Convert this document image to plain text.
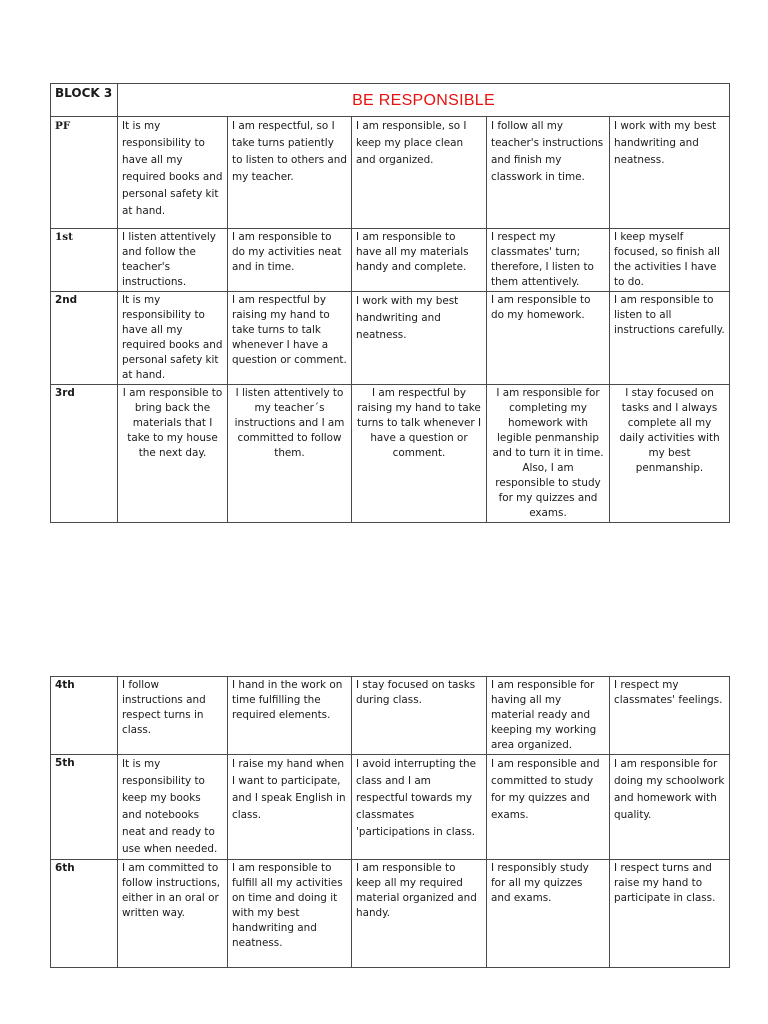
BLOCK 3	BE RESPONSIBLE				
PF	It is my responsibility to have all my required books and personal safety kit at hand.	I am respectful, so I take turns patiently to listen to others and my teacher.	I am responsible, so I keep my place clean and organized.	I follow all my teacher's instructions and finish my classwork in time.	I work with my best handwriting and neatness.
1st	I listen attentively and follow the teacher's instructions.	I am responsible to do my activities neat and in time.	I am responsible to have all my materials handy and complete.	I respect my classmates' turn; therefore, I listen to them attentively.	I keep myself focused, so finish all the activities I have to do.
2nd	It is my responsibility to have all my required books and personal safety kit at hand.	I am respectful by raising my hand to take turns to talk whenever I have a question or comment.	I work with my best handwriting and neatness.	I am responsible to do my homework.	I am responsible to listen to all instructions carefully.
3rd	I am responsible to bring back the materials that I take to my house the next day.	I listen attentively to my teacher´s instructions and I am committed to follow them.	I am respectful by raising my hand to take turns to talk whenever I have a question or comment.	I am responsible for completing my homework with legible penmanship and to turn it in time. Also, I am responsible to study for my quizzes and exams.	I stay focused on tasks and I always complete all my daily activities with my best penmanship.
4th	I follow instructions and respect turns in class.	I hand in the work on time fulfilling the required elements.	I stay focused on tasks during class.	I am responsible for having all my material ready and keeping my working area organized.	I respect my classmates' feelings.
5th	It is my responsibility to keep my books and notebooks neat and ready to use when needed.	I raise my hand when I want to participate, and I speak English in class.	I avoid interrupting the class and I am respectful towards my classmates 'participations in class.	I am responsible and committed to study for my quizzes and exams.	I am responsible for doing my schoolwork and homework with quality.
6th	I am committed to follow instructions, either in an oral or written way.	I am responsible to fulfill all my activities on time and doing it with my best handwriting and neatness.	I am responsible to keep all my required material organized and handy.	I responsibly study for all my quizzes and exams.	I respect turns and raise my hand to participate in class.
